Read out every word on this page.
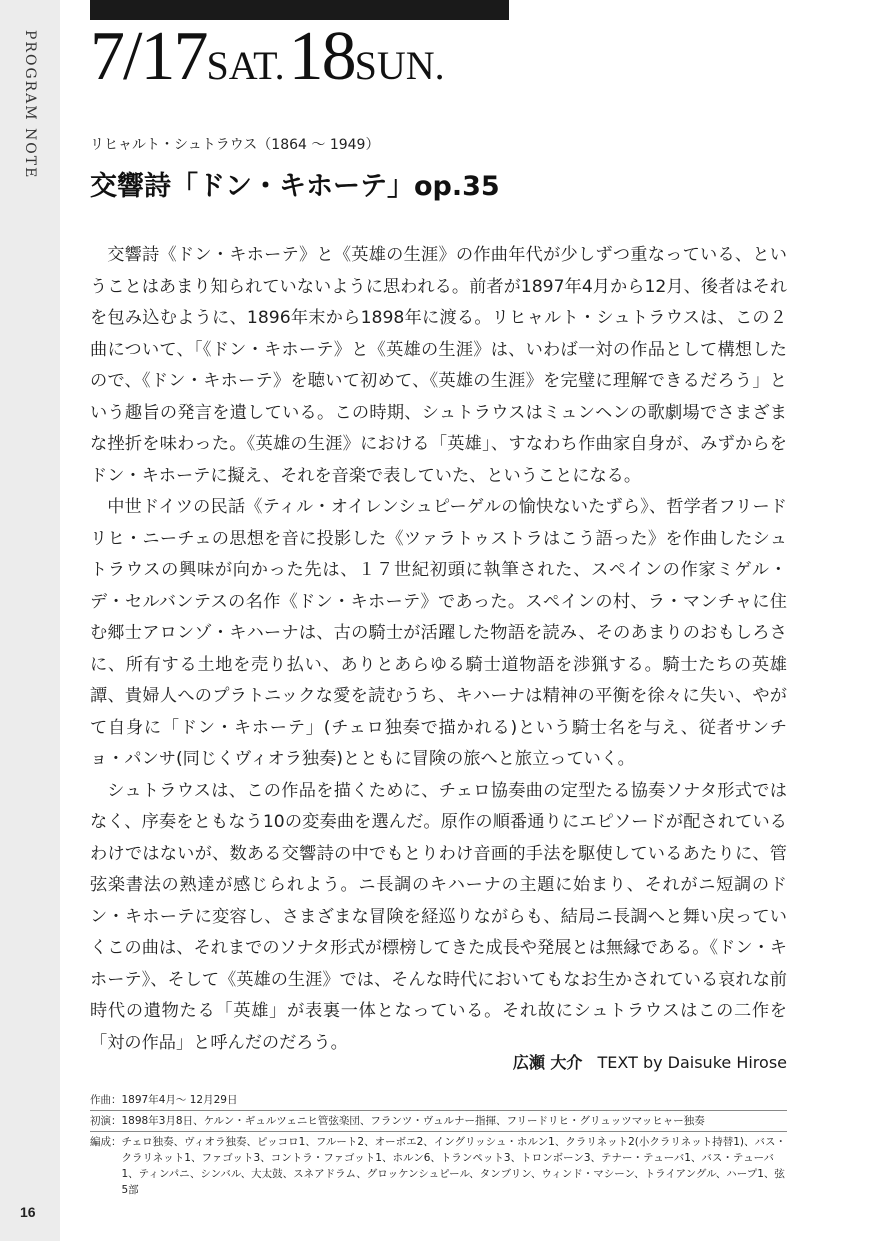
PROGRAM NOTE
16
7/17SAT. 18SUN.
リヒャルト・シュトラウス（1864 〜 1949）
交響詩「ドン・キホーテ」op.35

交響詩《ドン・キホーテ》と《英雄の生涯》の作曲年代が少しずつ重なっている、ということはあまり知られていないように思われる。前者が1897年4月から12月、後者はそれを包み込むように、1896年末から1898年に渡る。リヒャルト・シュトラウスは、この２曲について、「《ドン・キホーテ》と《英雄の生涯》は、いわば一対の作品として構想したので、《ドン・キホーテ》を聴いて初めて、《英雄の生涯》を完璧に理解できるだろう」という趣旨の発言を遺している。この時期、シュトラウスはミュンヘンの歌劇場でさまざまな挫折を味わった。《英雄の生涯》における「英雄」、すなわち作曲家自身が、みずからをドン・キホーテに擬え、それを音楽で表していた、ということになる。

中世ドイツの民話《ティル・オイレンシュピーゲルの愉快ないたずら》、哲学者フリードリヒ・ニーチェの思想を音に投影した《ツァラトゥストラはこう語った》を作曲したシュトラウスの興味が向かった先は、１７世紀初頭に執筆された、スペインの作家ミゲル・デ・セルバンテスの名作《ドン・キホーテ》であった。スペインの村、ラ・マンチャに住む郷士アロンゾ・キハーナは、古の騎士が活躍した物語を読み、そのあまりのおもしろさに、所有する土地を売り払い、ありとあらゆる騎士道物語を渉猟する。騎士たちの英雄譚、貴婦人へのプラトニックな愛を読むうち、キハーナは精神の平衡を徐々に失い、やがて自身に「ドン・キホーテ」(チェロ独奏で描かれる)という騎士名を与え、従者サンチョ・パンサ(同じくヴィオラ独奏)とともに冒険の旅へと旅立っていく。

シュトラウスは、この作品を描くために、チェロ協奏曲の定型たる協奏ソナタ形式ではなく、序奏をともなう10の変奏曲を選んだ。原作の順番通りにエピソードが配されているわけではないが、数ある交響詩の中でもとりわけ音画的手法を駆使しているあたりに、管弦楽書法の熟達が感じられよう。ニ長調のキハーナの主題に始まり、それがニ短調のドン・キホーテに変容し、さまざまな冒険を経巡りながらも、結局ニ長調へと舞い戻っていくこの曲は、それまでのソナタ形式が標榜してきた成長や発展とは無縁である。《ドン・キホーテ》、そして《英雄の生涯》では、そんな時代においてもなお生かされている哀れな前時代の遺物たる「英雄」が表裏一体となっている。それ故にシュトラウスはこの二作を「対の作品」と呼んだのだろう。

広瀬 大介 TEXT by Daisuke Hirose
作曲 ： 1897年4月〜 12月29日
初演 ： 1898年3月8日、ケルン・ギュルツェニヒ管弦楽団、フランツ・ヴュルナー指揮、フリードリヒ・グリュッツマッヒャー独奏
編成 ： チェロ独奏、ヴィオラ独奏、ピッコロ1、フルート2、オーボエ2、イングリッシュ・ホルン1、クラリネット2(小クラリネット持替1)、バス・クラリネット1、ファゴット3、コントラ・ファゴット1、ホルン6、トランペット3、トロンボーン3、テナー・テューバ1、バス・テューバ1、ティンパニ、シンバル、大太鼓、スネアドラム、グロッケンシュピール、タンブリン、ウィンド・マシーン、トライアングル、ハープ1、弦5部
